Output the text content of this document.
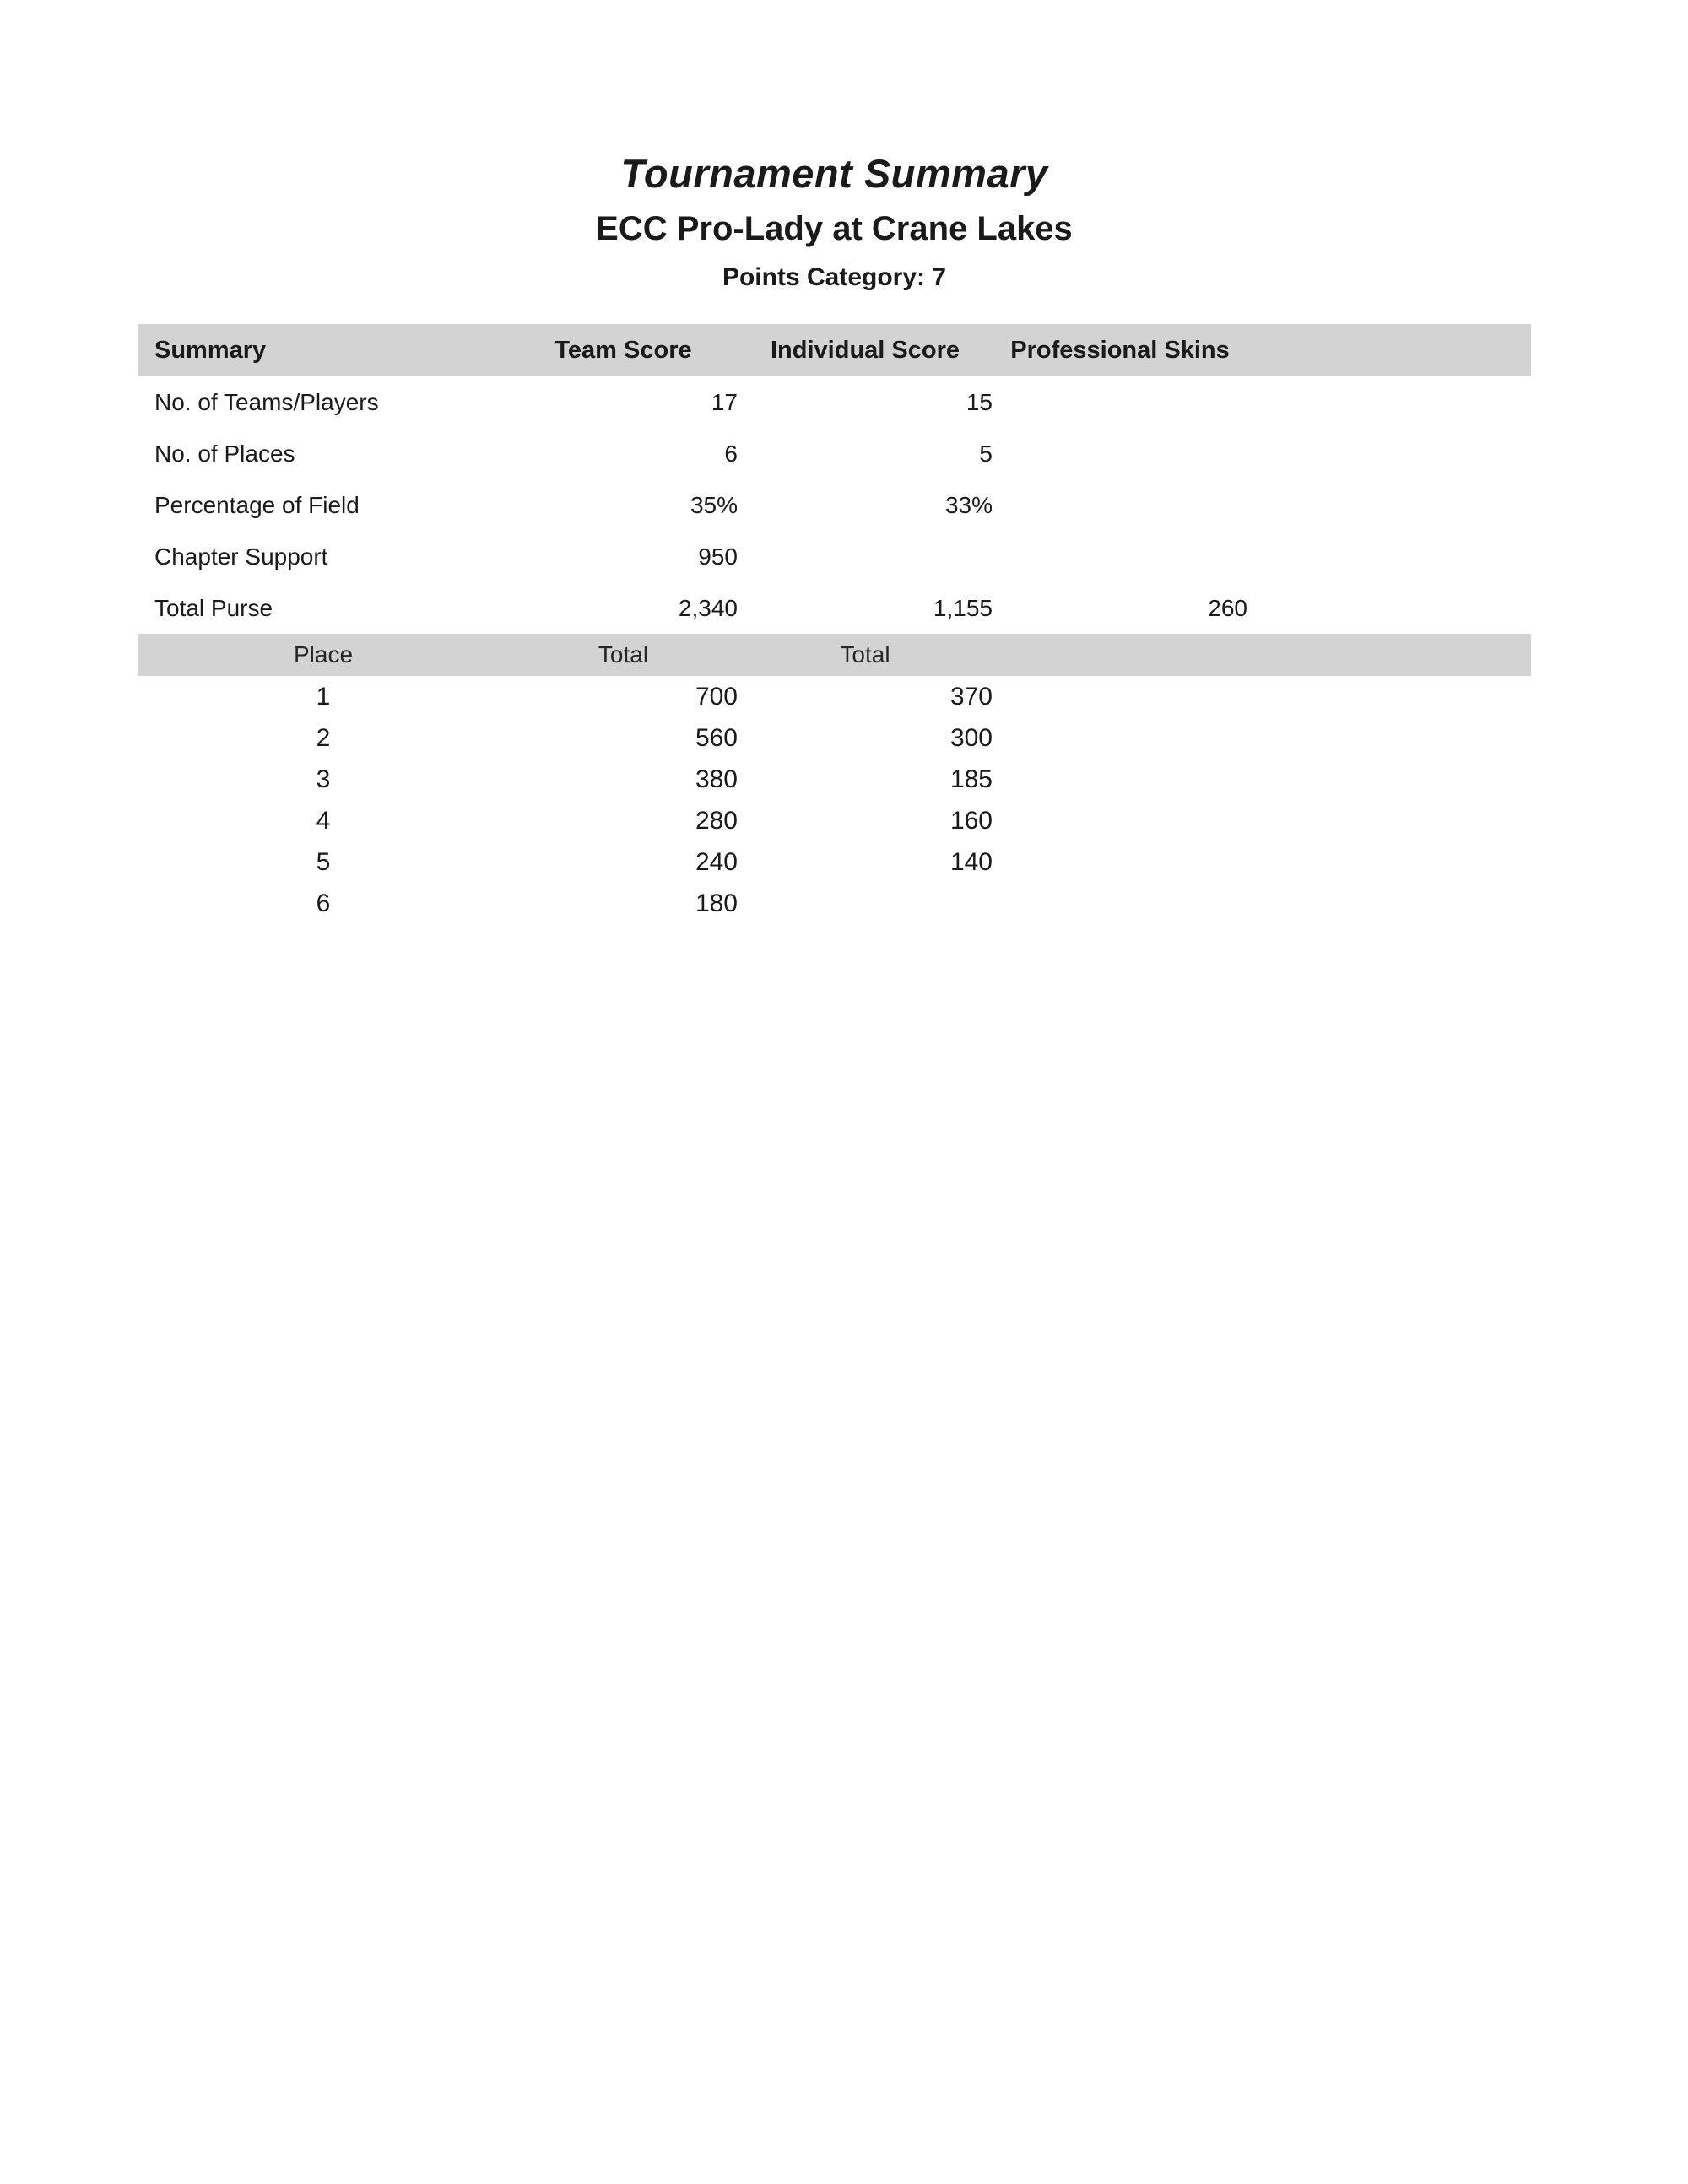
Tournament Summary
ECC Pro-Lady at Crane Lakes
Points Category: 7
Summary	Team Score	Individual Score	Professional Skins
No. of Teams/Players	17	15
No. of Places	6	5
Percentage of Field	35%	33%
Chapter Support	950
Total Purse	2,340	1,155	260
Place	Total	Total
1	700	370
2	560	300
3	380	185
4	280	160
5	240	140
6	180
